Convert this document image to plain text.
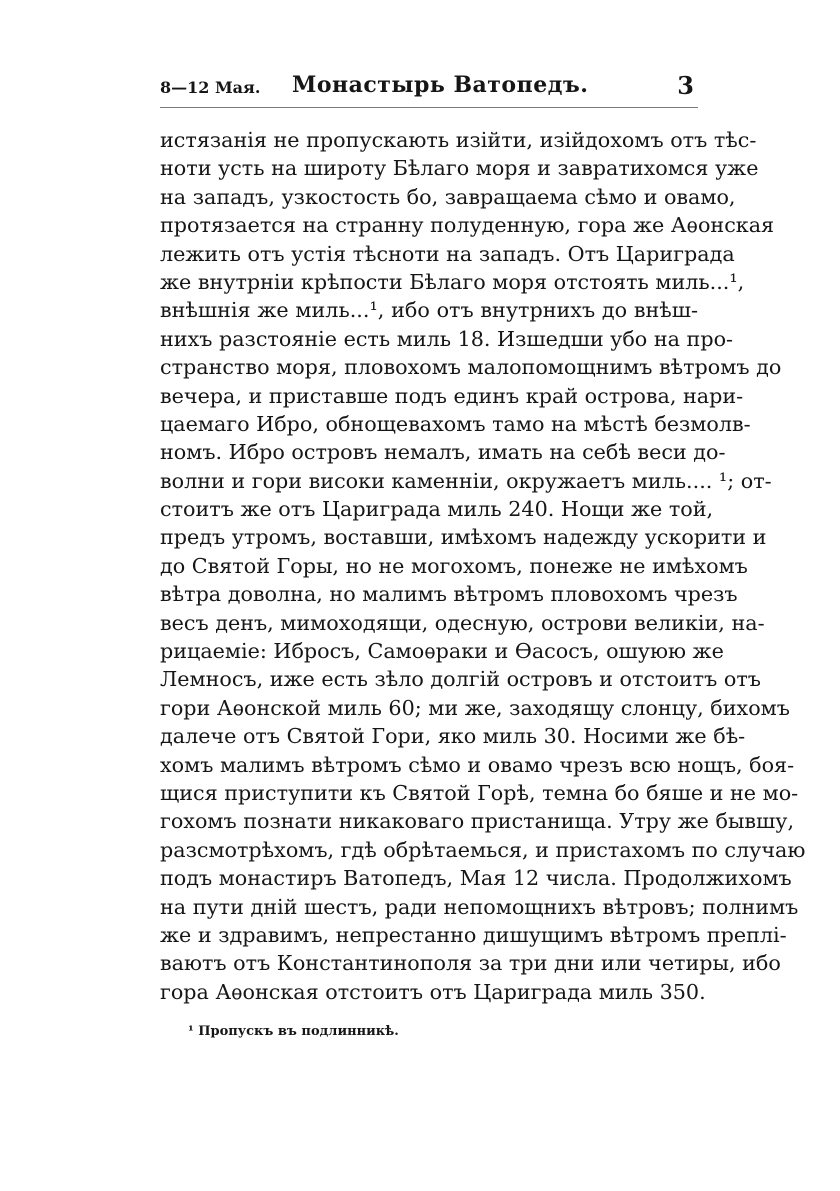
8—12 Мая. Монастырь Ватопедъ.	3
истязанія не пропускають изійти, изійдохомъ отъ тѣс-
ноти усть на широту Бѣлаго моря и завратихомся уже
на западъ, узкостость бо, завращаема сѣмо и овамо,
протязается на странну полуденную, гора же Аѳонская
лежить отъ устія тѣсноти на западъ. Отъ Цариграда
же внутрніи крѣпости Бѣлаго моря отстоять миль...¹,
внѣшнія же миль...¹, ибо отъ внутрнихъ до внѣш-
нихъ разстояніе есть миль 18. Изшедши убо на про-
странство моря, пловохомъ малопомощнимъ вѣтромъ до
вечера, и приставше подъ единъ край острова, нари-
цаемаго Ибро, обнощевахомъ тамо на мѣстѣ безмолв-
номъ. Ибро островъ немалъ, имать на себѣ веси до-
волни и гори високи каменніи, окружаетъ миль.... ¹; от-
стоитъ же отъ Цариграда миль 240. Нощи же той,
предъ утромъ, воставши, имѣхомъ надежду ускорити и
до Святой Горы, но не могохомъ, понеже не имѣхомъ
вѣтра доволна, но малимъ вѣтромъ пловохомъ чрезъ
весъ денъ, мимоходящи, одесную, острови великіи, на-
рицаеміе: Ибросъ, Самоѳраки и Ѳасосъ, ошуюю же
Лемносъ, иже есть зѣло долгій островъ и отстоитъ отъ
гори Аѳонской миль 60; ми же, заходящу слонцу, бихомъ
далече отъ Святой Гори, яко миль 30. Носими же бѣ-
хомъ малимъ вѣтромъ сѣмо и овамо чрезъ всю нощъ, боя-
щися приступити къ Святой Горѣ, темна бо бяше и не мо-
гохомъ познати никаковаго пристанища. Утру же бывшу,
разсмотрѣхомъ, гдѣ обрѣтаемься, и пристахомъ по случаю
подъ монастиръ Ватопедъ, Мая 12 числа. Продолжихомъ
на пути днiй шестъ, ради непомощнихъ вѣтровъ; полнимъ
же и здравимъ, непрестанно дишущимъ вѣтромъ преплі-
ваютъ отъ Константинополя за три дни или четиры, ибо
гора Аѳонская отстоитъ отъ Цариграда миль 350.
¹ Пропускъ въ подлинникѣ.
